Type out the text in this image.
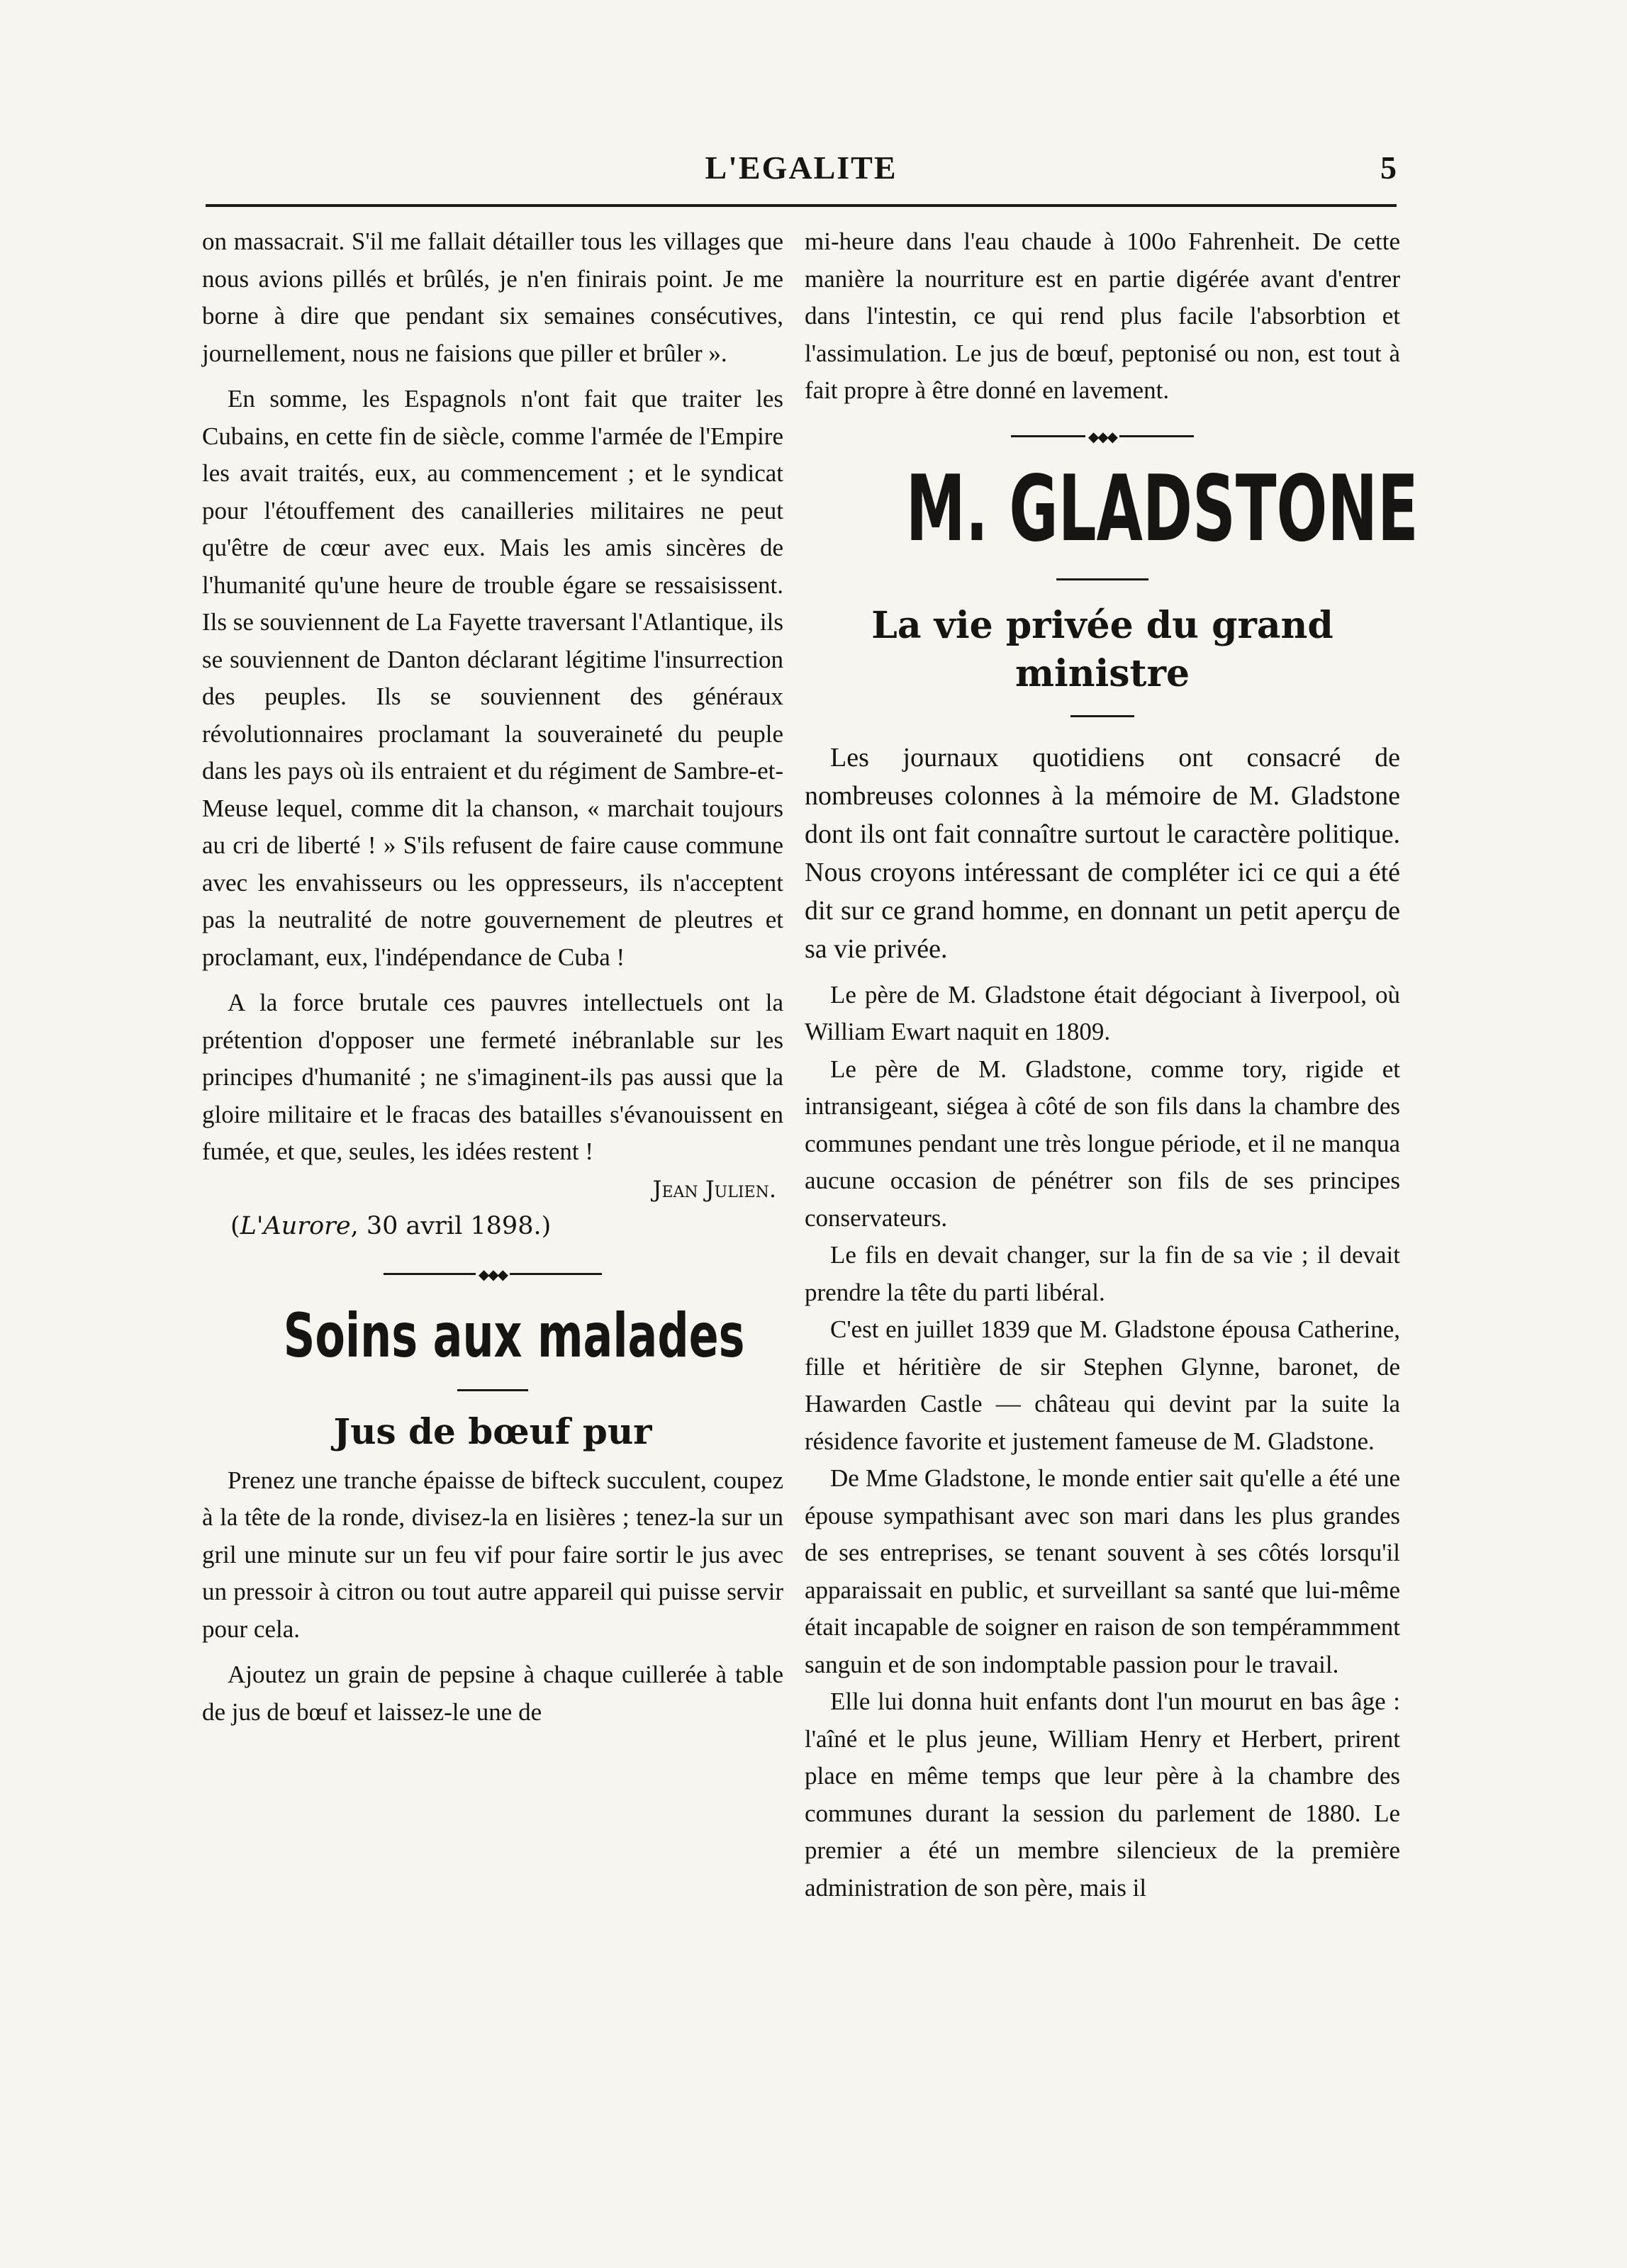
L'EGALITE	5

on massacrait. S'il me fallait détailler tous les villages que nous avions pillés et brûlés, je n'en finirais point. Je me borne à dire que pendant six semaines consécutives, journellement, nous ne faisions que piller et brûler ».

En somme, les Espagnols n'ont fait que traiter les Cubains, en cette fin de siècle, comme l'armée de l'Empire les avait traités, eux, au commencement ; et le syndicat pour l'étouffement des canailleries militaires ne peut qu'être de cœur avec eux. Mais les amis sincères de l'humanité qu'une heure de trouble égare se ressaisissent. Ils se souviennent de La Fayette traversant l'Atlantique, ils se souviennent de Danton déclarant légitime l'insurrection des peuples. Ils se souviennent des généraux révolutionnaires proclamant la souveraineté du peuple dans les pays où ils entraient et du régiment de Sambre-et-Meuse lequel, comme dit la chanson, « marchait toujours au cri de liberté ! » S'ils refusent de faire cause commune avec les envahisseurs ou les oppresseurs, ils n'acceptent pas la neutralité de notre gouvernement de pleutres et proclamant, eux, l'indépendance de Cuba !

A la force brutale ces pauvres intellectuels ont la prétention d'opposer une fermeté inébranlable sur les principes d'humanité ; ne s'imaginent-ils pas aussi que la gloire militaire et le fracas des batailles s'évanouissent en fumée, et que, seules, les idées restent !

Jean Julien.
(L'Aurore, 30 avril 1898.)
◆◆◆
Soins aux malades
Jus de bœuf pur

Prenez une tranche épaisse de bifteck succulent, coupez à la tête de la ronde, divisez-la en lisières ; tenez-la sur un gril une minute sur un feu vif pour faire sortir le jus avec un pressoir à citron ou tout autre appareil qui puisse servir pour cela.

Ajoutez un grain de pepsine à chaque cuillerée à table de jus de bœuf et laissez-le une de

mi-heure dans l'eau chaude à 100o Fahrenheit. De cette manière la nourriture est en partie digérée avant d'entrer dans l'intestin, ce qui rend plus facile l'absorbtion et l'assimulation. Le jus de bœuf, peptonisé ou non, est tout à fait propre à être donné en lavement.

◆◆◆
M. GLADSTONE
La vie privée du grand
ministre

Les journaux quotidiens ont consacré de nombreuses colonnes à la mémoire de M. Gladstone dont ils ont fait connaître surtout le caractère politique. Nous croyons intéressant de compléter ici ce qui a été dit sur ce grand homme, en donnant un petit aperçu de sa vie privée.

Le père de M. Gladstone était dégociant à Iiverpool, où William Ewart naquit en 1809.

Le père de M. Gladstone, comme tory, rigide et intransigeant, siégea à côté de son fils dans la chambre des communes pendant une très longue période, et il ne manqua aucune occasion de pénétrer son fils de ses principes conservateurs.

Le fils en devait changer, sur la fin de sa vie ; il devait prendre la tête du parti libéral.

C'est en juillet 1839 que M. Gladstone épousa Catherine, fille et héritière de sir Stephen Glynne, baronet, de Hawarden Castle — château qui devint par la suite la résidence favorite et justement fameuse de M. Gladstone.

De Mme Gladstone, le monde entier sait qu'elle a été une épouse sympathisant avec son mari dans les plus grandes de ses entreprises, se tenant souvent à ses côtés lorsqu'il apparaissait en public, et surveillant sa santé que lui-même était incapable de soigner en raison de son tempérammment sanguin et de son indomptable passion pour le travail.

Elle lui donna huit enfants dont l'un mourut en bas âge : l'aîné et le plus jeune, William Henry et Herbert, prirent place en même temps que leur père à la chambre des communes durant la session du parlement de 1880. Le premier a été un membre silencieux de la première administration de son père, mais il
